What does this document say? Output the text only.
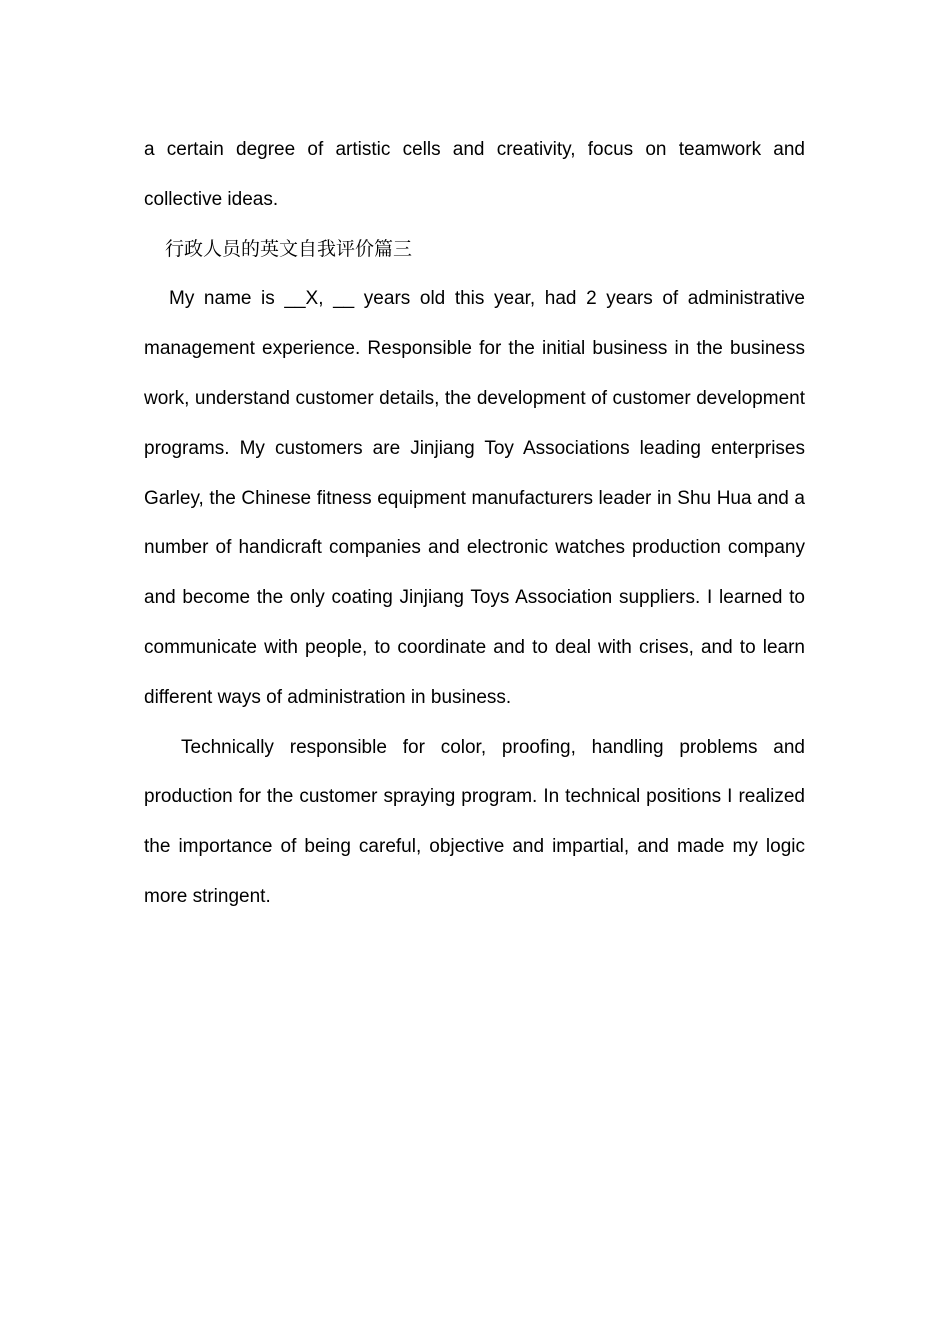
a certain degree of artistic cells and creativity, focus on teamwork and collective ideas.

行政人员的英文自我评价篇三

My name is __X, __ years old this year, had 2 years of administrative management experience. Responsible for the initial business in the business work, understand customer details, the development of customer development programs. My customers are Jinjiang Toy Associations leading enterprises Garley, the Chinese fitness equipment manufacturers leader in Shu Hua and a number of handicraft companies and electronic watches production company and become the only coating Jinjiang Toys Association suppliers. I learned to communicate with people, to coordinate and to deal with crises, and to learn different ways of administration in business.

Technically responsible for color, proofing, handling problems and production for the customer spraying program. In technical positions I realized the importance of being careful, objective and impartial, and made my logic more stringent.
